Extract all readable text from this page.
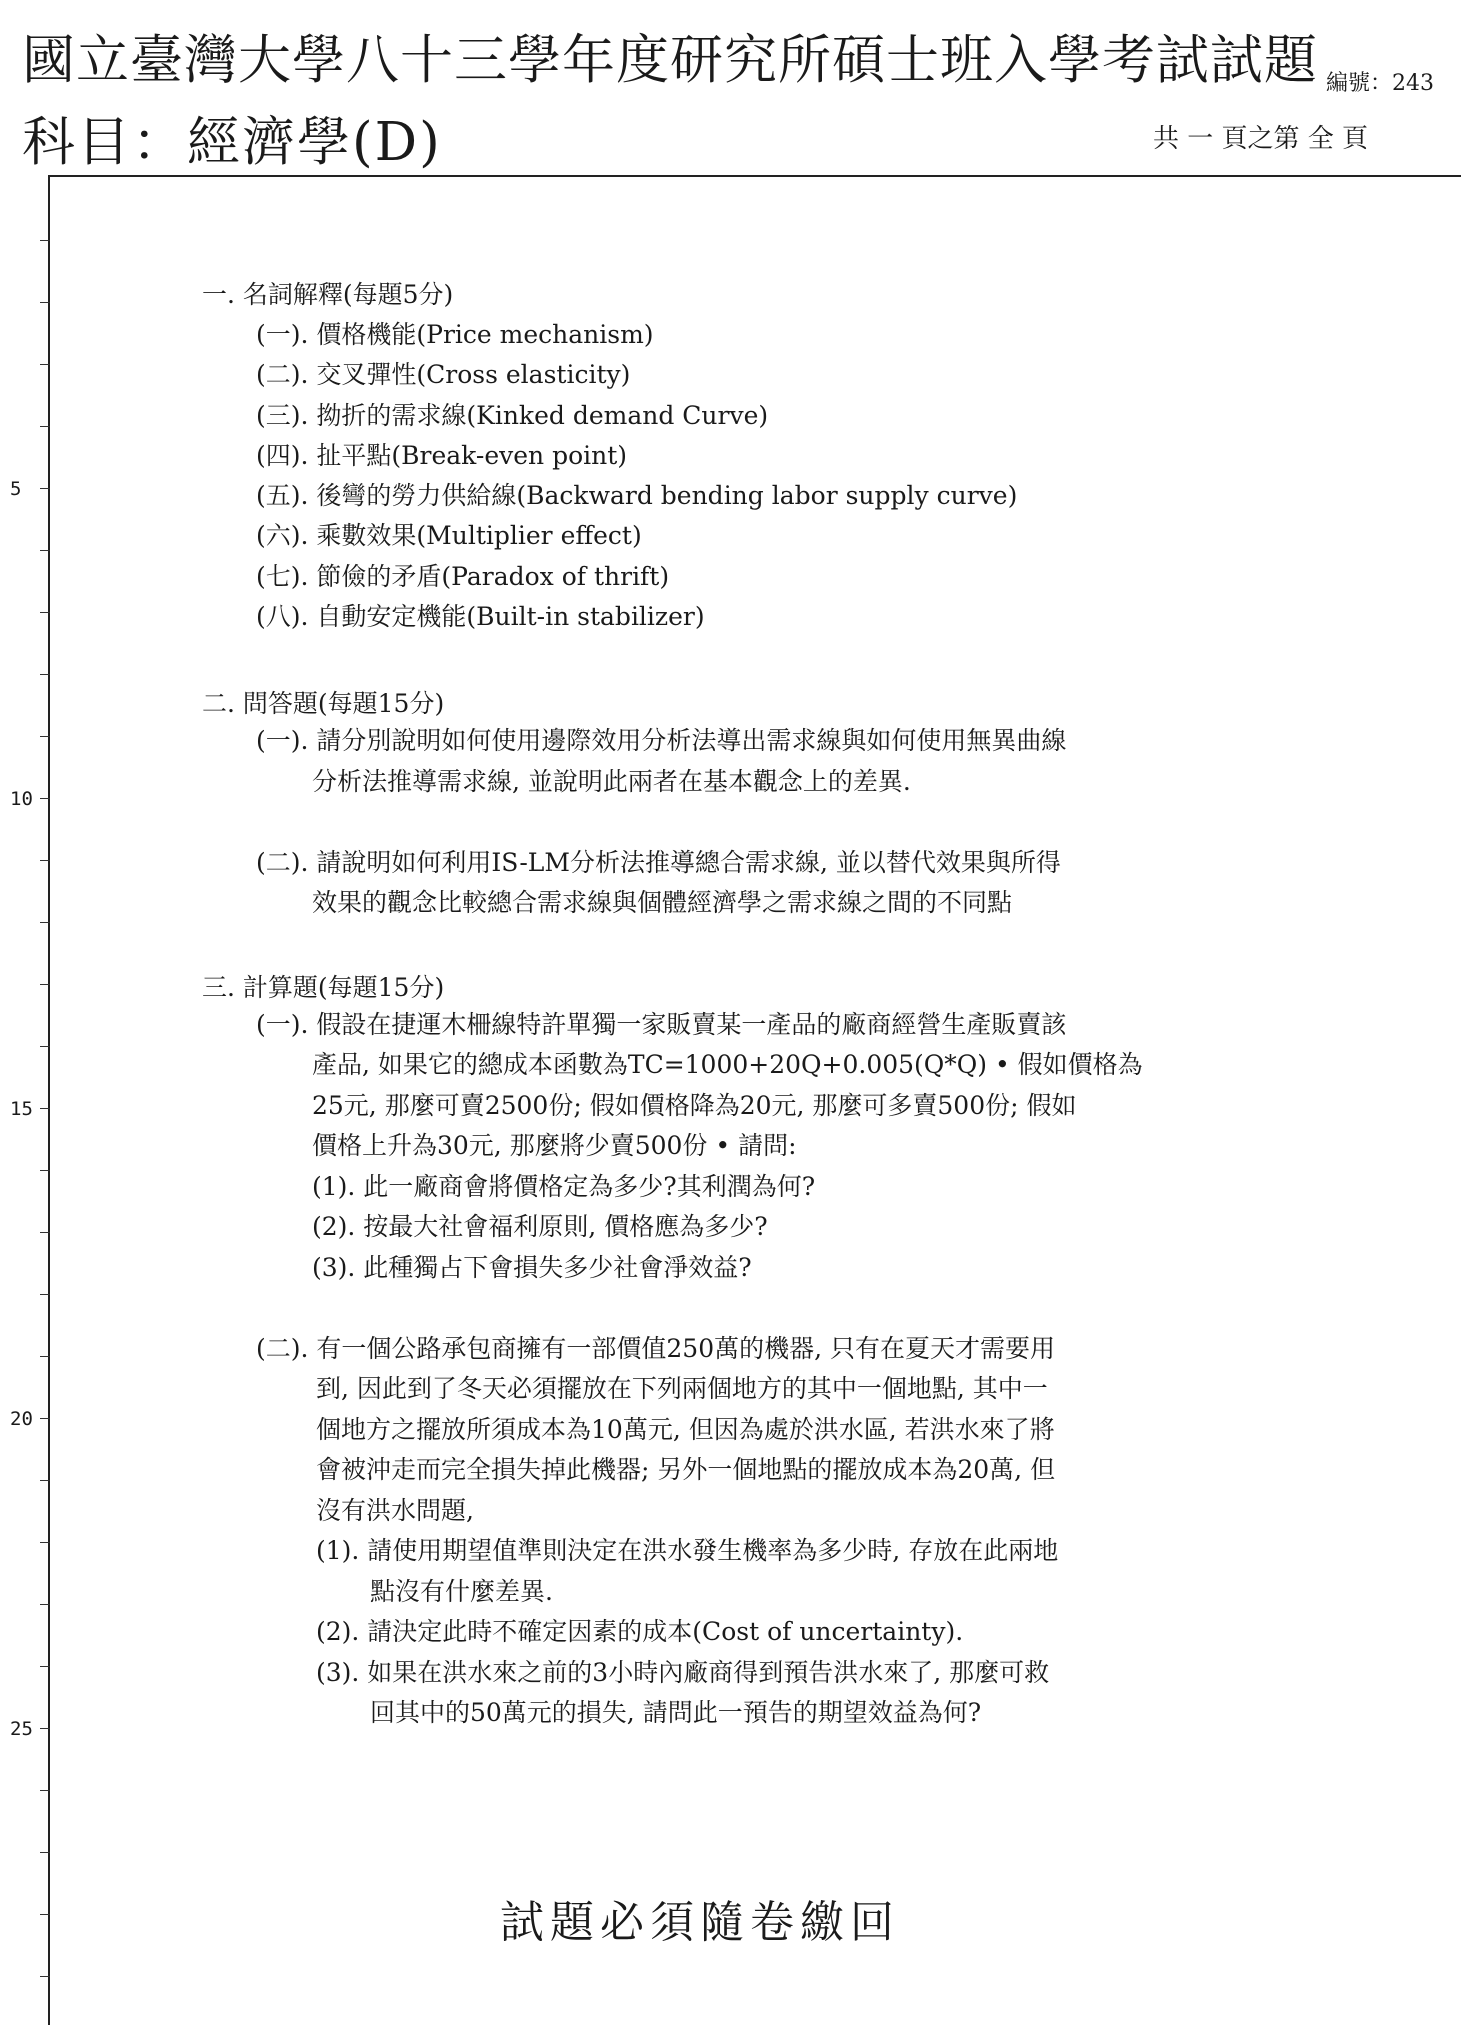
國立臺灣大學八十三學年度研究所碩士班入學考試試題 編號：243
科目：經濟學(D)	共 一 頁之第 全 頁
5
10
15
20
25
一. 名詞解釋(每題5分)
(一). 價格機能(Price mechanism)
(二). 交叉彈性(Cross elasticity)
(三). 拗折的需求線(Kinked demand Curve)
(四). 扯平點(Break-even point)
(五). 後彎的勞力供給線(Backward bending labor supply curve)
(六). 乘數效果(Multiplier effect)
(七). 節儉的矛盾(Paradox of thrift)
(八). 自動安定機能(Built-in stabilizer)
二. 問答題(每題15分)
(一). 請分別說明如何使用邊際效用分析法導出需求線與如何使用無異曲線
分析法推導需求線, 並說明此兩者在基本觀念上的差異.
(二). 請說明如何利用IS-LM分析法推導總合需求線, 並以替代效果與所得
效果的觀念比較總合需求線與個體經濟學之需求線之間的不同點
三. 計算題(每題15分)
(一). 假設在捷運木柵線特許單獨一家販賣某一產品的廠商經營生產販賣該
產品, 如果它的總成本函數為TC=1000+20Q+0.005(Q*Q) • 假如價格為
25元, 那麼可賣2500份; 假如價格降為20元, 那麼可多賣500份; 假如
價格上升為30元, 那麼將少賣500份 • 請問:
(1). 此一廠商會將價格定為多少?其利潤為何?
(2). 按最大社會福利原則, 價格應為多少?
(3). 此種獨占下會損失多少社會淨效益?
(二). 有一個公路承包商擁有一部價值250萬的機器, 只有在夏天才需要用
到, 因此到了冬天必須擺放在下列兩個地方的其中一個地點, 其中一
個地方之擺放所須成本為10萬元, 但因為處於洪水區, 若洪水來了將
會被沖走而完全損失掉此機器; 另外一個地點的擺放成本為20萬, 但
沒有洪水問題,
(1). 請使用期望值準則決定在洪水發生機率為多少時, 存放在此兩地
點沒有什麼差異.
(2). 請決定此時不確定因素的成本(Cost of uncertainty).
(3). 如果在洪水來之前的3小時內廠商得到預告洪水來了, 那麼可救
回其中的50萬元的損失, 請問此一預告的期望效益為何?
試題必須隨卷繳回
